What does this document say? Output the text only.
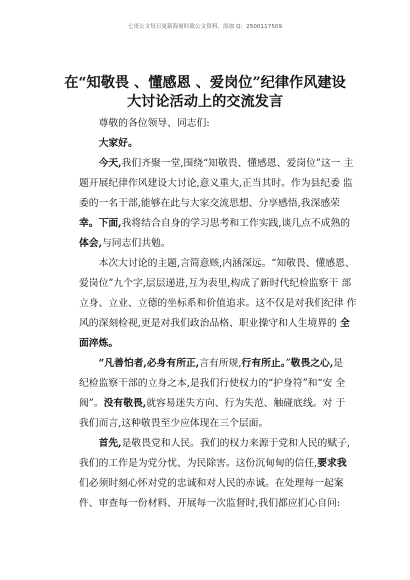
七哥公文每日更新海量时政公文资料，添加 Q：2500117509
在“知敬畏 、懂感恩 、爱岗位”纪律作风建设
大讨论活动上的交流发言

尊敬的各位领导、同志们:

大家好。

今天,我们齐聚一堂,围绕“知敬畏、懂感恩、爱岗位”这一 主

题开展纪律作风建设大讨论,意义重大,正当其时。作为县纪委 监

委的一名干部,能够在此与大家交流思想、分享感悟,我深感荣

幸。下面,我将结合自身的学习思考和工作实践,谈几点不成熟的

体会,与同志们共勉。

本次大讨论的主题,言简意赅,内涵深远。“知敬畏、懂感恩、

爱岗位”九个字,层层递进,互为表里,构成了新时代纪检监察干 部

立身、立业、立德的坐标系和价值追求。这不仅是对我们纪律 作

风的深刻检视,更是对我们政治品格、职业操守和人生境界的 全

面淬炼。

“凡善怕者,必身有所正,言有所规,行有所止。”敬畏之心,是

纪检监察干部的立身之本,是我们行使权力的“护身符”和“安 全

阀”。没有敬畏,就容易迷失方向、行为失范、触碰底线。对 于

我们而言,这种敬畏至少应体现在三个层面。

首先,是敬畏党和人民。我们的权力来源于党和人民的赋子,

我们的工作是为党分忧、为民除害。这份沉甸甸的信任,要求我

们必须时刻心怀对党的忠诚和对人民的赤诚。在处理每一起案

件、审查每一份材料、开展每一次监督时,我们都应扪心自问:
